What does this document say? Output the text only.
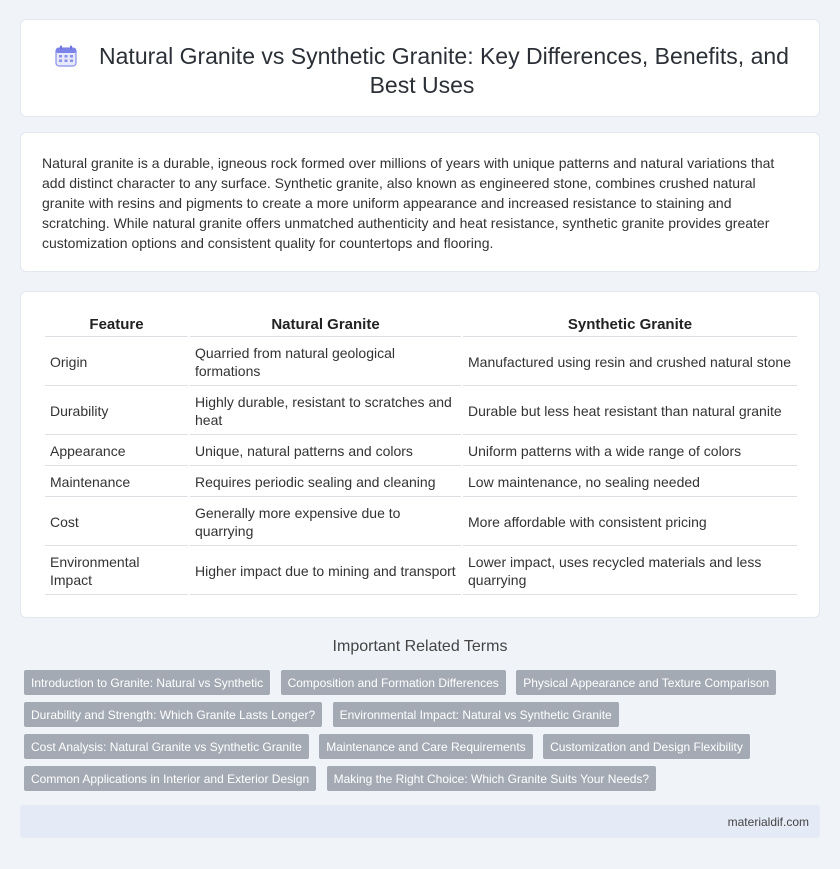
Natural Granite vs Synthetic Granite: Key Differences, Benefits, and Best Uses

Natural granite is a durable, igneous rock formed over millions of years with unique patterns and natural variations that add distinct character to any surface. Synthetic granite, also known as engineered stone, combines crushed natural granite with resins and pigments to create a more uniform appearance and increased resistance to staining and scratching. While natural granite offers unmatched authenticity and heat resistance, synthetic granite provides greater customization options and consistent quality for countertops and flooring.

Feature	Natural Granite	Synthetic Granite
Origin	Quarried from natural geological formations	Manufactured using resin and crushed natural stone
Durability	Highly durable, resistant to scratches and heat	Durable but less heat resistant than natural granite
Appearance	Unique, natural patterns and colors	Uniform patterns with a wide range of colors
Maintenance	Requires periodic sealing and cleaning	Low maintenance, no sealing needed
Cost	Generally more expensive due to quarrying	More affordable with consistent pricing
Environmental Impact	Higher impact due to mining and transport	Lower impact, uses recycled materials and less quarrying
Important Related Terms
Introduction to Granite: Natural vs Synthetic Composition and Formation Differences Physical Appearance and Texture Comparison Durability and Strength: Which Granite Lasts Longer? Environmental Impact: Natural vs Synthetic Granite Cost Analysis: Natural Granite vs Synthetic Granite Maintenance and Care Requirements Customization and Design Flexibility Common Applications in Interior and Exterior Design Making the Right Choice: Which Granite Suits Your Needs?
materialdif.com
